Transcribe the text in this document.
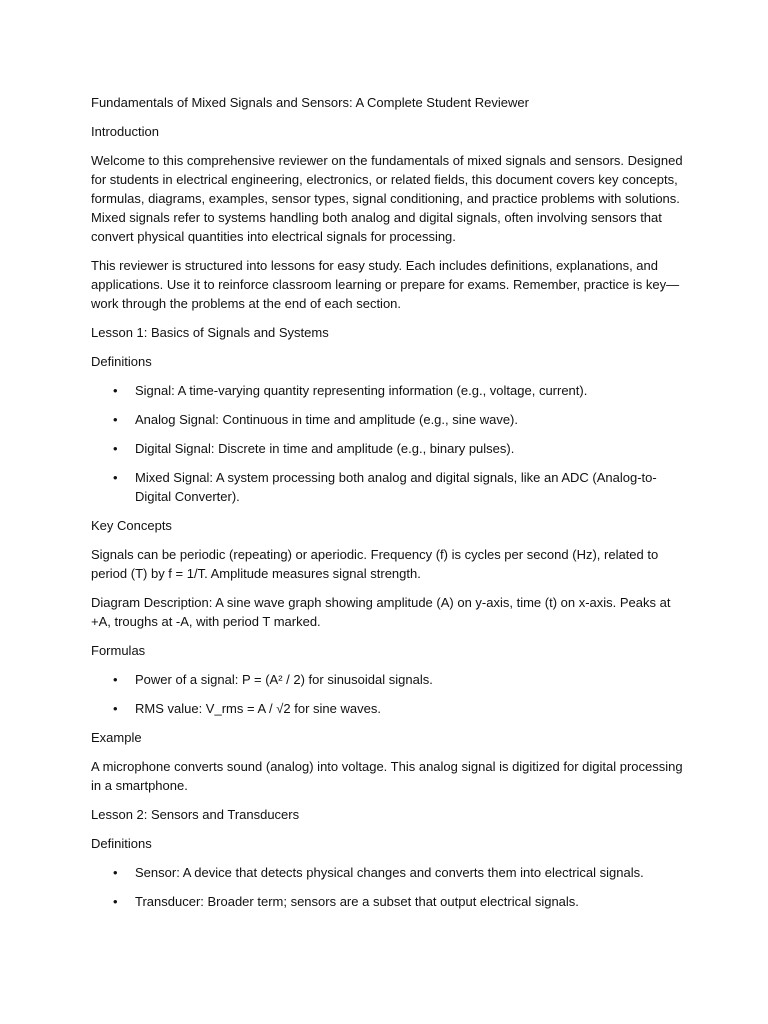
Fundamentals of Mixed Signals and Sensors: A Complete Student Reviewer

Introduction

Welcome to this comprehensive reviewer on the fundamentals of mixed signals and sensors. Designed for students in electrical engineering, electronics, or related fields, this document covers key concepts, formulas, diagrams, examples, sensor types, signal conditioning, and practice problems with solutions. Mixed signals refer to systems handling both analog and digital signals, often involving sensors that convert physical quantities into electrical signals for processing.

This reviewer is structured into lessons for easy study. Each includes definitions, explanations, and applications. Use it to reinforce classroom learning or prepare for exams. Remember, practice is key—work through the problems at the end of each section.

Lesson 1: Basics of Signals and Systems

Definitions

• Signal: A time-varying quantity representing information (e.g., voltage, current).
• Analog Signal: Continuous in time and amplitude (e.g., sine wave).
• Digital Signal: Discrete in time and amplitude (e.g., binary pulses).
• Mixed Signal: A system processing both analog and digital signals, like an ADC (Analog-to-Digital Converter).

Key Concepts

Signals can be periodic (repeating) or aperiodic. Frequency (f) is cycles per second (Hz), related to period (T) by f = 1/T. Amplitude measures signal strength.

Diagram Description: A sine wave graph showing amplitude (A) on y-axis, time (t) on x-axis. Peaks at +A, troughs at -A, with period T marked.

Formulas

• Power of a signal: P = (A² / 2) for sinusoidal signals.
• RMS value: V_rms = A / √2 for sine waves.

Example

A microphone converts sound (analog) into voltage. This analog signal is digitized for digital processing in a smartphone.

Lesson 2: Sensors and Transducers

Definitions

• Sensor: A device that detects physical changes and converts them into electrical signals.
• Transducer: Broader term; sensors are a subset that output electrical signals.
